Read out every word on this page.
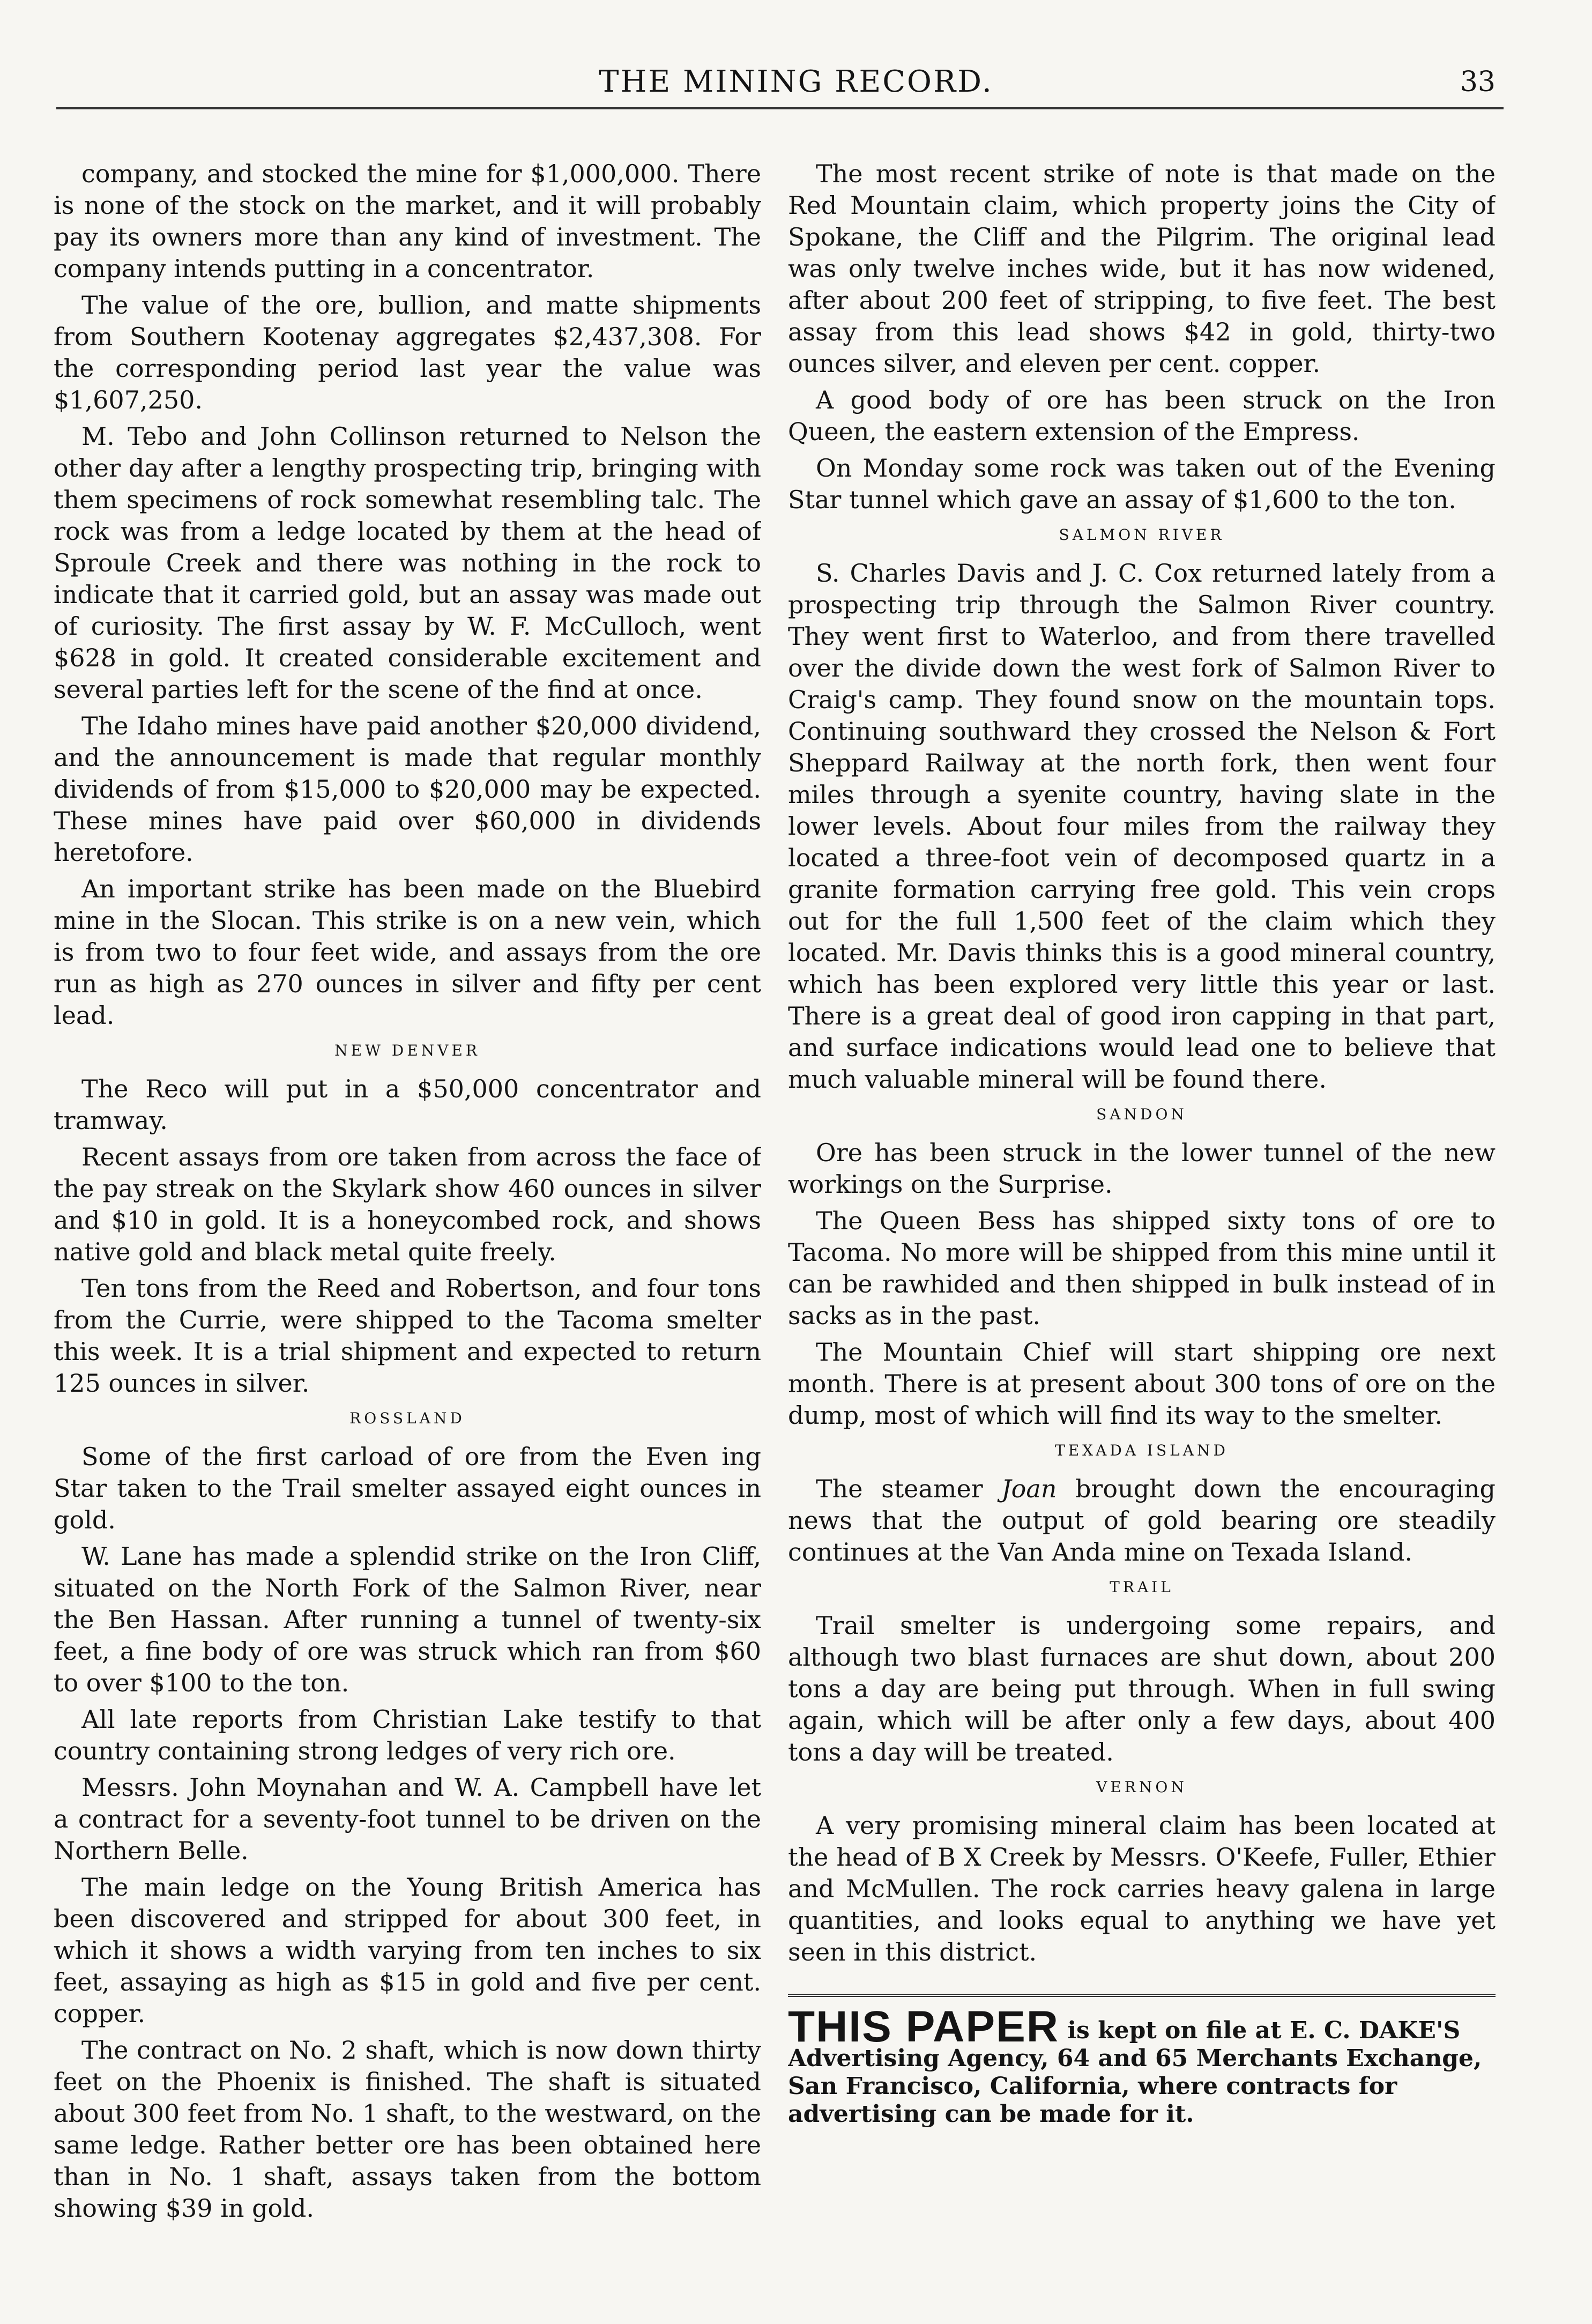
THE MINING RECORD.	33

company, and stocked the mine for $1,000,000. There is none of the stock on the market, and it will probably pay its owners more than any kind of investment. The company intends putting in a concentrator.

The value of the ore, bullion, and matte shipments from Southern Kootenay aggregates $2,437,308. For the corresponding period last year the value was $1,607,250.

M. Tebo and John Collinson returned to Nelson the other day after a lengthy prospecting trip, bringing with them specimens of rock somewhat resembling talc. The rock was from a ledge located by them at the head of Sproule Creek and there was nothing in the rock to indicate that it carried gold, but an assay was made out of curiosity. The first assay by W. F. McCulloch, went $628 in gold. It created considerable excitement and several parties left for the scene of the find at once.

The Idaho mines have paid another $20,000 dividend, and the announcement is made that regular monthly dividends of from $15,000 to $20,000 may be expected. These mines have paid over $60,000 in dividends heretofore.

An important strike has been made on the Bluebird mine in the Slocan. This strike is on a new vein, which is from two to four feet wide, and assays from the ore run as high as 270 ounces in silver and fifty per cent lead.

NEW DENVER

The Reco will put in a $50,000 concentrator and tramway.

Recent assays from ore taken from across the face of the pay streak on the Skylark show 460 ounces in silver and $10 in gold. It is a honeycombed rock, and shows native gold and black metal quite freely.

Ten tons from the Reed and Robertson, and four tons from the Currie, were shipped to the Tacoma smelter this week. It is a trial shipment and expected to return 125 ounces in silver.

ROSSLAND

Some of the first carload of ore from the Even ing Star taken to the Trail smelter assayed eight ounces in gold.

W. Lane has made a splendid strike on the Iron Cliff, situated on the North Fork of the Salmon River, near the Ben Hassan. After running a tunnel of twenty-six feet, a fine body of ore was struck which ran from $60 to over $100 to the ton.

All late reports from Christian Lake testify to that country containing strong ledges of very rich ore.

Messrs. John Moynahan and W. A. Campbell have let a contract for a seventy-foot tunnel to be driven on the Northern Belle.

The main ledge on the Young British America has been discovered and stripped for about 300 feet, in which it shows a width varying from ten inches to six feet, assaying as high as $15 in gold and five per cent. copper.

The contract on No. 2 shaft, which is now down thirty feet on the Phoenix is finished. The shaft is situated about 300 feet from No. 1 shaft, to the westward, on the same ledge. Rather better ore has been obtained here than in No. 1 shaft, assays taken from the bottom showing $39 in gold.

The most recent strike of note is that made on the Red Mountain claim, which property joins the City of Spokane, the Cliff and the Pilgrim. The original lead was only twelve inches wide, but it has now widened, after about 200 feet of stripping, to five feet. The best assay from this lead shows $42 in gold, thirty-two ounces silver, and eleven per cent. copper.

A good body of ore has been struck on the Iron Queen, the eastern extension of the Empress.

On Monday some rock was taken out of the Evening Star tunnel which gave an assay of $1,600 to the ton.

SALMON RIVER

S. Charles Davis and J. C. Cox returned lately from a prospecting trip through the Salmon River country. They went first to Waterloo, and from there travelled over the divide down the west fork of Salmon River to Craig's camp. They found snow on the mountain tops. Continuing southward they crossed the Nelson & Fort Sheppard Railway at the north fork, then went four miles through a syenite country, having slate in the lower levels. About four miles from the railway they located a three-foot vein of decomposed quartz in a granite formation carrying free gold. This vein crops out for the full 1,500 feet of the claim which they located. Mr. Davis thinks this is a good mineral country, which has been explored very little this year or last. There is a great deal of good iron capping in that part, and surface indications would lead one to believe that much valuable mineral will be found there.

SANDON

Ore has been struck in the lower tunnel of the new workings on the Surprise.

The Queen Bess has shipped sixty tons of ore to Tacoma. No more will be shipped from this mine until it can be rawhided and then shipped in bulk instead of in sacks as in the past.

The Mountain Chief will start shipping ore next month. There is at present about 300 tons of ore on the dump, most of which will find its way to the smelter.

TEXADA ISLAND

The steamer Joan brought down the encouraging news that the output of gold bearing ore steadily continues at the Van Anda mine on Texada Island.

TRAIL

Trail smelter is undergoing some repairs, and although two blast furnaces are shut down, about 200 tons a day are being put through. When in full swing again, which will be after only a few days, about 400 tons a day will be treated.

VERNON

A very promising mineral claim has been located at the head of B X Creek by Messrs. O'Keefe, Fuller, Ethier and McMullen. The rock carries heavy galena in large quantities, and looks equal to anything we have yet seen in this district.

THIS PAPER is kept on file at E. C. DAKE'S Advertising Agency, 64 and 65 Merchants Exchange, San Francisco, California, where contracts for advertising can be made for it.
